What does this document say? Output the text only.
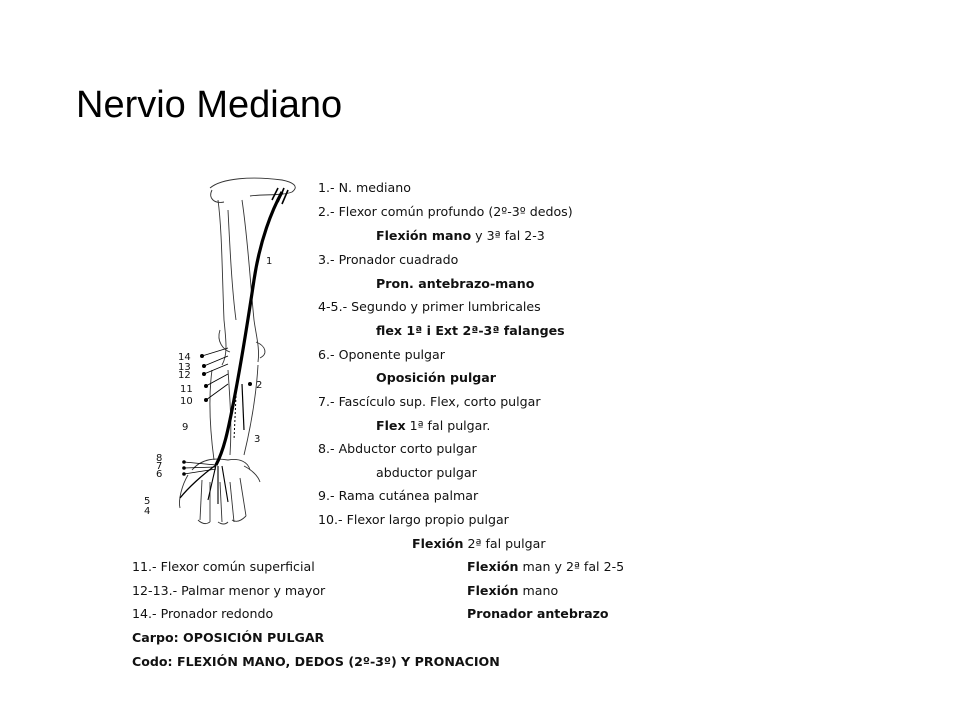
Nervio Mediano
1
2
3
4
5
6
7
8
9
10
11
12
13
14
1.- N. mediano
2.- Flexor común profundo (2º-3º dedos)
Flexión mano y 3ª fal 2-3
3.- Pronador cuadrado
Pron. antebrazo-mano
4-5.- Segundo y primer lumbricales
flex 1ª i Ext 2ª-3ª falanges
6.- Oponente pulgar
Oposición pulgar
7.- Fascículo sup. Flex, corto pulgar
Flex 1ª fal pulgar.
8.- Abductor corto pulgar
abductor pulgar
9.- Rama cutánea palmar
10.- Flexor largo propio pulgar
Flexión 2ª fal pulgar
11.- Flexor común superficial	Flexión man y 2ª fal 2-5
12-13.- Palmar menor y mayor	Flexión mano
14.- Pronador redondo	Pronador antebrazo
Carpo: OPOSICIÓN PULGAR
Codo: FLEXIÓN MANO, DEDOS (2º-3º) Y PRONACION
